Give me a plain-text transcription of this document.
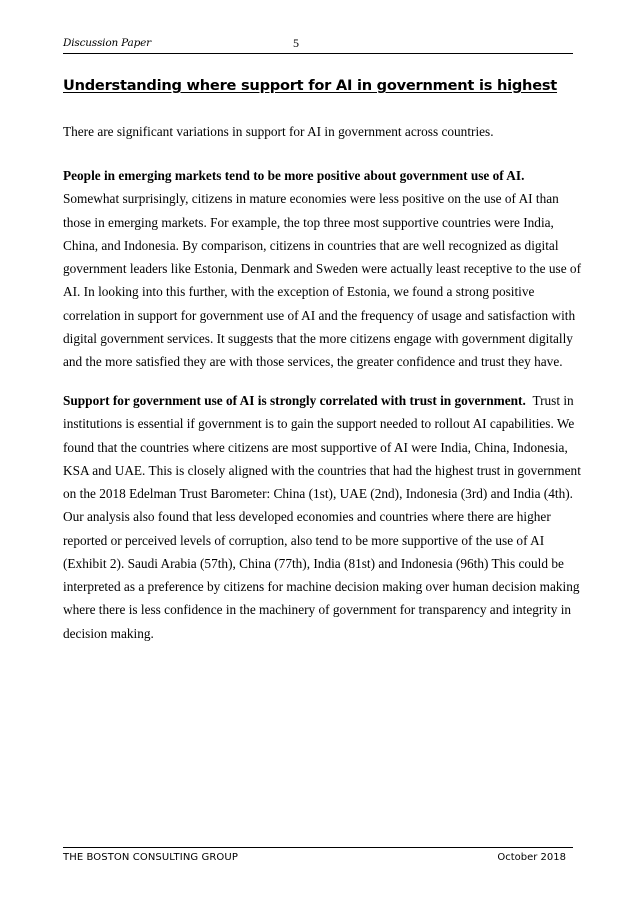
Discussion Paper	5
Understanding where support for AI in government is highest

There are significant variations in support for AI in government across countries.

People in emerging markets tend to be more positive about government use of AI.
Somewhat surprisingly, citizens in mature economies were less positive on the use of AI than
those in emerging markets. For example, the top three most supportive countries were India,
China, and Indonesia. By comparison, citizens in countries that are well recognized as digital
government leaders like Estonia, Denmark and Sweden were actually least receptive to the use of
AI. In looking into this further, with the exception of Estonia, we found a strong positive
correlation in support for government use of AI and the frequency of usage and satisfaction with
digital government services. It suggests that the more citizens engage with government digitally
and the more satisfied they are with those services, the greater confidence and trust they have.

Support for government use of AI is strongly correlated with trust in government. Trust in
institutions is essential if government is to gain the support needed to rollout AI capabilities. We
found that the countries where citizens are most supportive of AI were India, China, Indonesia,
KSA and UAE. This is closely aligned with the countries that had the highest trust in government
on the 2018 Edelman Trust Barometer: China (1st), UAE (2nd), Indonesia (3rd) and India (4th).
Our analysis also found that less developed economies and countries where there are higher
reported or perceived levels of corruption, also tend to be more supportive of the use of AI
(Exhibit 2). Saudi Arabia (57th), China (77th), India (81st) and Indonesia (96th) This could be
interpreted as a preference by citizens for machine decision making over human decision making
where there is less confidence in the machinery of government for transparency and integrity in
decision making.

THE BOSTON CONSULTING GROUP	October 2018
